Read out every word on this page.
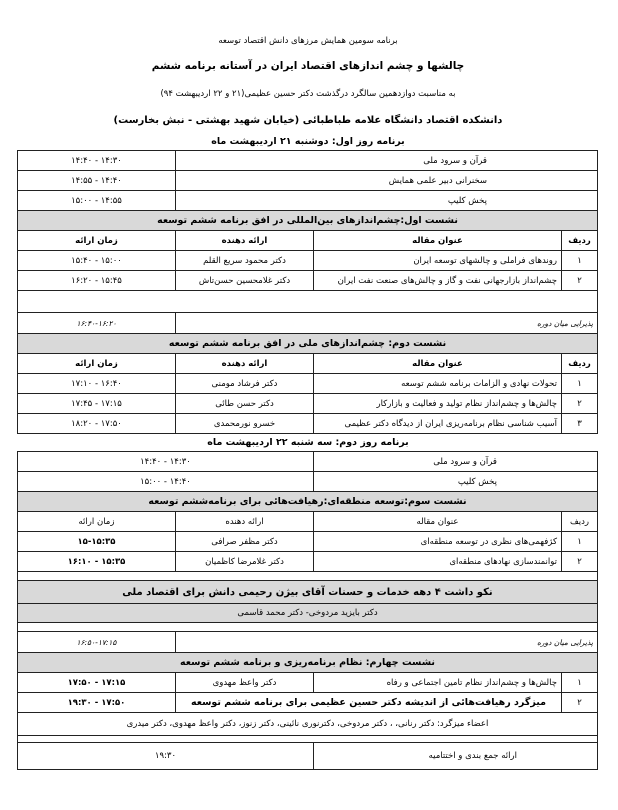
برنامه سومین همایش مرزهای دانش اقتصاد توسعه
چالشها و چشم اندازهای اقتصاد ایران در آستانه برنامه ششم
به مناسبت دوازدهمین سالگرد درگذشت دکتر حسین عظیمی(۲۱ و ۲۲ اردیبهشت ۹۴)
دانشکده اقتصاد دانشگاه علامه طباطبائی (خیابان شهید بهشتی - نبش بخارست)
برنامه روز اول: دوشنبه ۲۱ اردیبهشت ماه
قرآن و سرود ملی			۱۴:۳۰ - ۱۴:۴۰
سخنرانی دبیر علمی همایش			۱۴:۴۰ - ۱۴:۵۵
پخش کلیپ			۱۴:۵۵ - ۱۵:۰۰
نشست اول:چشم‌اندازهای بین‌المللی در افق برنامه ششم توسعه			
ردیف	عنوان مقاله	ارائه دهنده	زمان ارائه
۱	روندهای فراملی و چالشهای توسعه ایران	دکتر محمود سریع القلم	۱۵:۰۰ - ۱۵:۴۰
۲	چشم‌انداز بازارجهانی نفت و گاز و چالش‌های صنعت نفت ایران	دکتر غلامحسین حسن‌تاش	۱۵:۴۵ - ۱۶:۲۰

پذیرایی میان دوره			۱۶:۴۰-۱۶:۲۰
نشست دوم: چشم‌اندازهای ملی در افق برنامه ششم توسعه			
ردیف	عنوان مقاله	ارائه دهنده	زمان ارائه
۱	تحولات نهادی و الزامات برنامه ششم توسعه	دکتر فرشاد مومنی	۱۶:۴۰ - ۱۷:۱۰
۲	چالش‌ها و چشم‌انداز نظام تولید و فعالیت و بازارکار	دکتر حسن طائی	۱۷:۱۵ - ۱۷:۴۵
۳	آسیب شناسی نظام برنامه‌ریزی ایران از دیدگاه دکتر عظیمی	خسرو نورمحمدی	۱۷:۵۰ - ۱۸:۲۰
برنامه روز دوم: سه شنبه ۲۲ اردیبهشت ماه
قرآن و سرود ملی		۱۴:۳۰ - ۱۴:۴۰	
پخش کلیپ		۱۴:۴۰ - ۱۵:۰۰	
نشست سوم:توسعه منطقه‌ای:رهیافت‌هائی برای برنامه‌ششم توسعه			
ردیف	عنوان مقاله	ارائه دهنده	زمان ارائه
۱	کژفهمی‌های نظری در توسعه منطقه‌ای	دکتر مظفر صرافی	۱۵-۱۵:۳۵
۲	توانمندسازی نهادهای منطقه‌ای	دکتر غلامرضا کاظمیان	۱۵:۳۵ - ۱۶:۱۰

نکو داشت ۴ دهه خدمات و حسنات آقای بیژن رحیمی دانش برای اقتصاد ملی			
دکتر بایزید مردوخی- دکتر محمد قاسمی			

پذیرایی میان دوره			۱۶:۵۰-۱۷:۱۵
نشست چهارم: نظام برنامه‌ریزی و برنامه ششم توسعه			
۱	چالش‌ها و چشم‌انداز نظام تامین اجتماعی و رفاه	دکتر واعظ مهدوی	۱۷:۱۵ - ۱۷:۵۰
۲	میزگرد رهیافت‌هائی از اندیشه دکتر حسین عظیمی برای برنامه ششم توسعه		۱۷:۵۰ - ۱۹:۳۰
اعضاء میزگرد: دکتر رنانی، ، دکتر مردوخی، دکترنوری نائینی، دکتر زنوز، دکتر واعظ مهدوی، دکتر میدری			

ارائه جمع بندی و اختتامیه		۱۹:۳۰	
